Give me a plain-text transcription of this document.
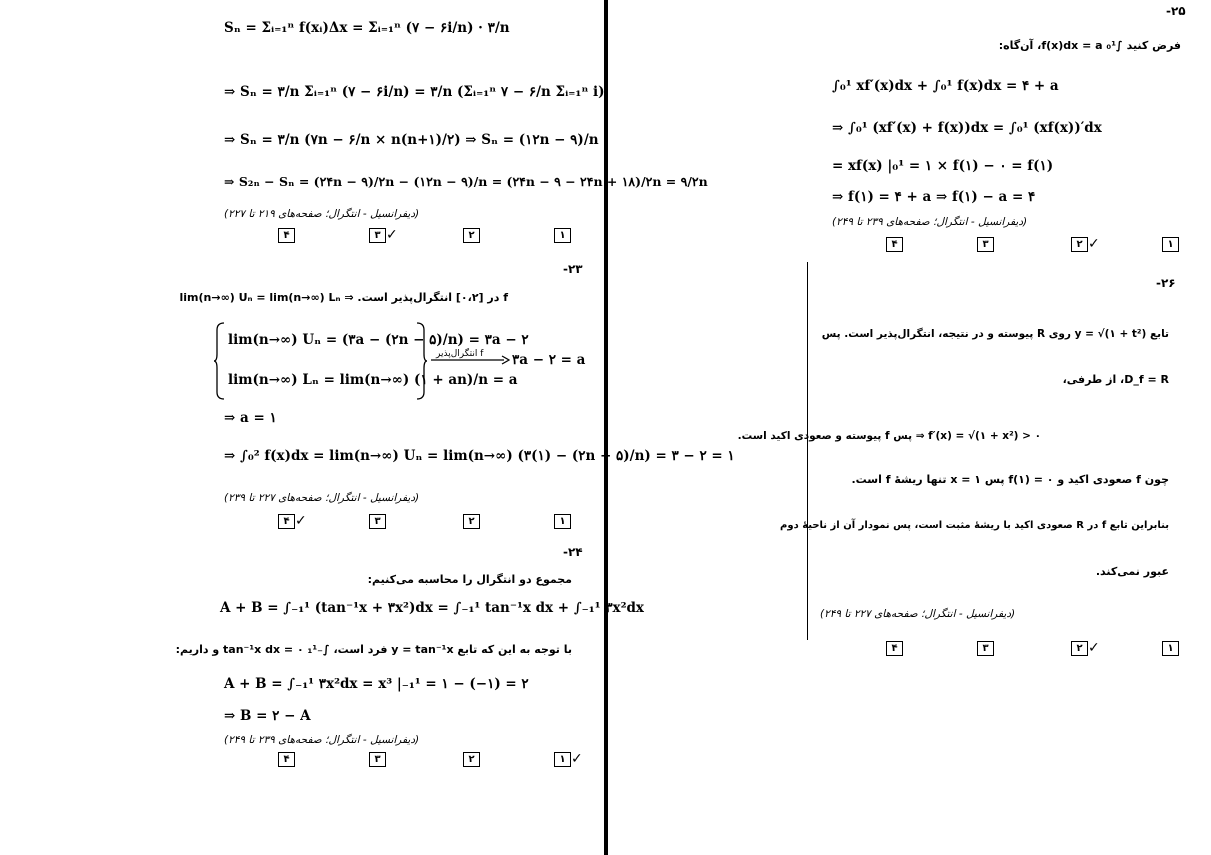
Sₙ = Σᵢ₌₁ⁿ f(xᵢ)Δx = Σᵢ₌₁ⁿ (۷ − ۶i/n) · ۳/n
⇒ Sₙ = ۳/n Σᵢ₌₁ⁿ (۷ − ۶i/n) = ۳/n (Σᵢ₌₁ⁿ ۷ − ۶/n Σᵢ₌₁ⁿ i)
⇒ Sₙ = ۳/n (۷n − ۶/n × n(n+۱)/۲) ⇒ Sₙ = (۱۲n − ۹)/n
⇒ S₂ₙ − Sₙ = (۲۴n − ۹)/۲n − (۱۲n − ۹)/n = (۲۴n − ۹ − ۲۴n + ۱۸)/۲n = ۹/۲n
(دیفرانسیل - انتگرال؛ صفحه‌های ۲۱۹ تا ۲۲۷)
۱
۲
۳ ✓
۴
-۲۳
f در [۰،۲] انتگرال‌پذیر است. ⇒ lim(n→∞) Uₙ = lim(n→∞) Lₙ
lim(n→∞) Uₙ = (۳a − (۲n − ۵)/n) = ۳a − ۲
lim(n→∞) Lₙ = lim(n→∞) (۱ + an)/n = a
f انتگرال‌پذیر ۳a − ۲ = a
⇒ a = ۱
⇒ ∫₀² f(x)dx = lim(n→∞) Uₙ = lim(n→∞) (۳(۱) − (۲n − ۵)/n) = ۳ − ۲ = ۱
(دیفرانسیل - انتگرال؛ صفحه‌های ۲۲۷ تا ۲۳۹)
۱
۲
۳
۴ ✓
-۲۴
مجموع دو انتگرال را محاسبه می‌کنیم:
A + B = ∫₋₁¹ (tan⁻¹x + ۳x²)dx = ∫₋₁¹ tan⁻¹x dx + ∫₋₁¹ ۳x²dx
با توجه به این که تابع y = tan⁻¹x فرد است، ∫₋₁¹ tan⁻¹x dx = ۰ و داریم:
A + B = ∫₋₁¹ ۳x²dx = x³ |₋₁¹ = ۱ − (−۱) = ۲
⇒ B = ۲ − A
(دیفرانسیل - انتگرال؛ صفحه‌های ۲۳۹ تا ۲۴۹)
۱ ✓
۲
۳
۴
-۲۵
فرض کنید ∫₀¹ f(x)dx = a، آن‌گاه:
∫₀¹ xf′(x)dx + ∫₀¹ f(x)dx = ۴ + a
⇒ ∫₀¹ (xf′(x) + f(x))dx = ∫₀¹ (xf(x))′dx
= xf(x) |₀¹ = ۱ × f(۱) − ۰ = f(۱)
⇒ f(۱) = ۴ + a ⇒ f(۱) − a = ۴
(دیفرانسیل - انتگرال؛ صفحه‌های ۲۳۹ تا ۲۴۹)
۱
۲ ✓
۳
۴
-۲۶
تابع y = √(۱ + t²) روی R پیوسته و در نتیجه، انتگرال‌پذیر است. پس
D_f = R، از طرفی،
f′(x) = √(۱ + x²) > ۰ ⇒ پس f پیوسته و صعودی اکید است.
چون f صعودی اکید و f(۱) = ۰ پس x = ۱ تنها ریشهٔ f است.
بنابراین تابع f در R صعودی اکید با ریشهٔ مثبت است، پس نمودار آن از ناحیهٔ دوم
عبور نمی‌کند.
(دیفرانسیل - انتگرال؛ صفحه‌های ۲۲۷ تا ۲۴۹)
۱
۲ ✓
۳
۴
